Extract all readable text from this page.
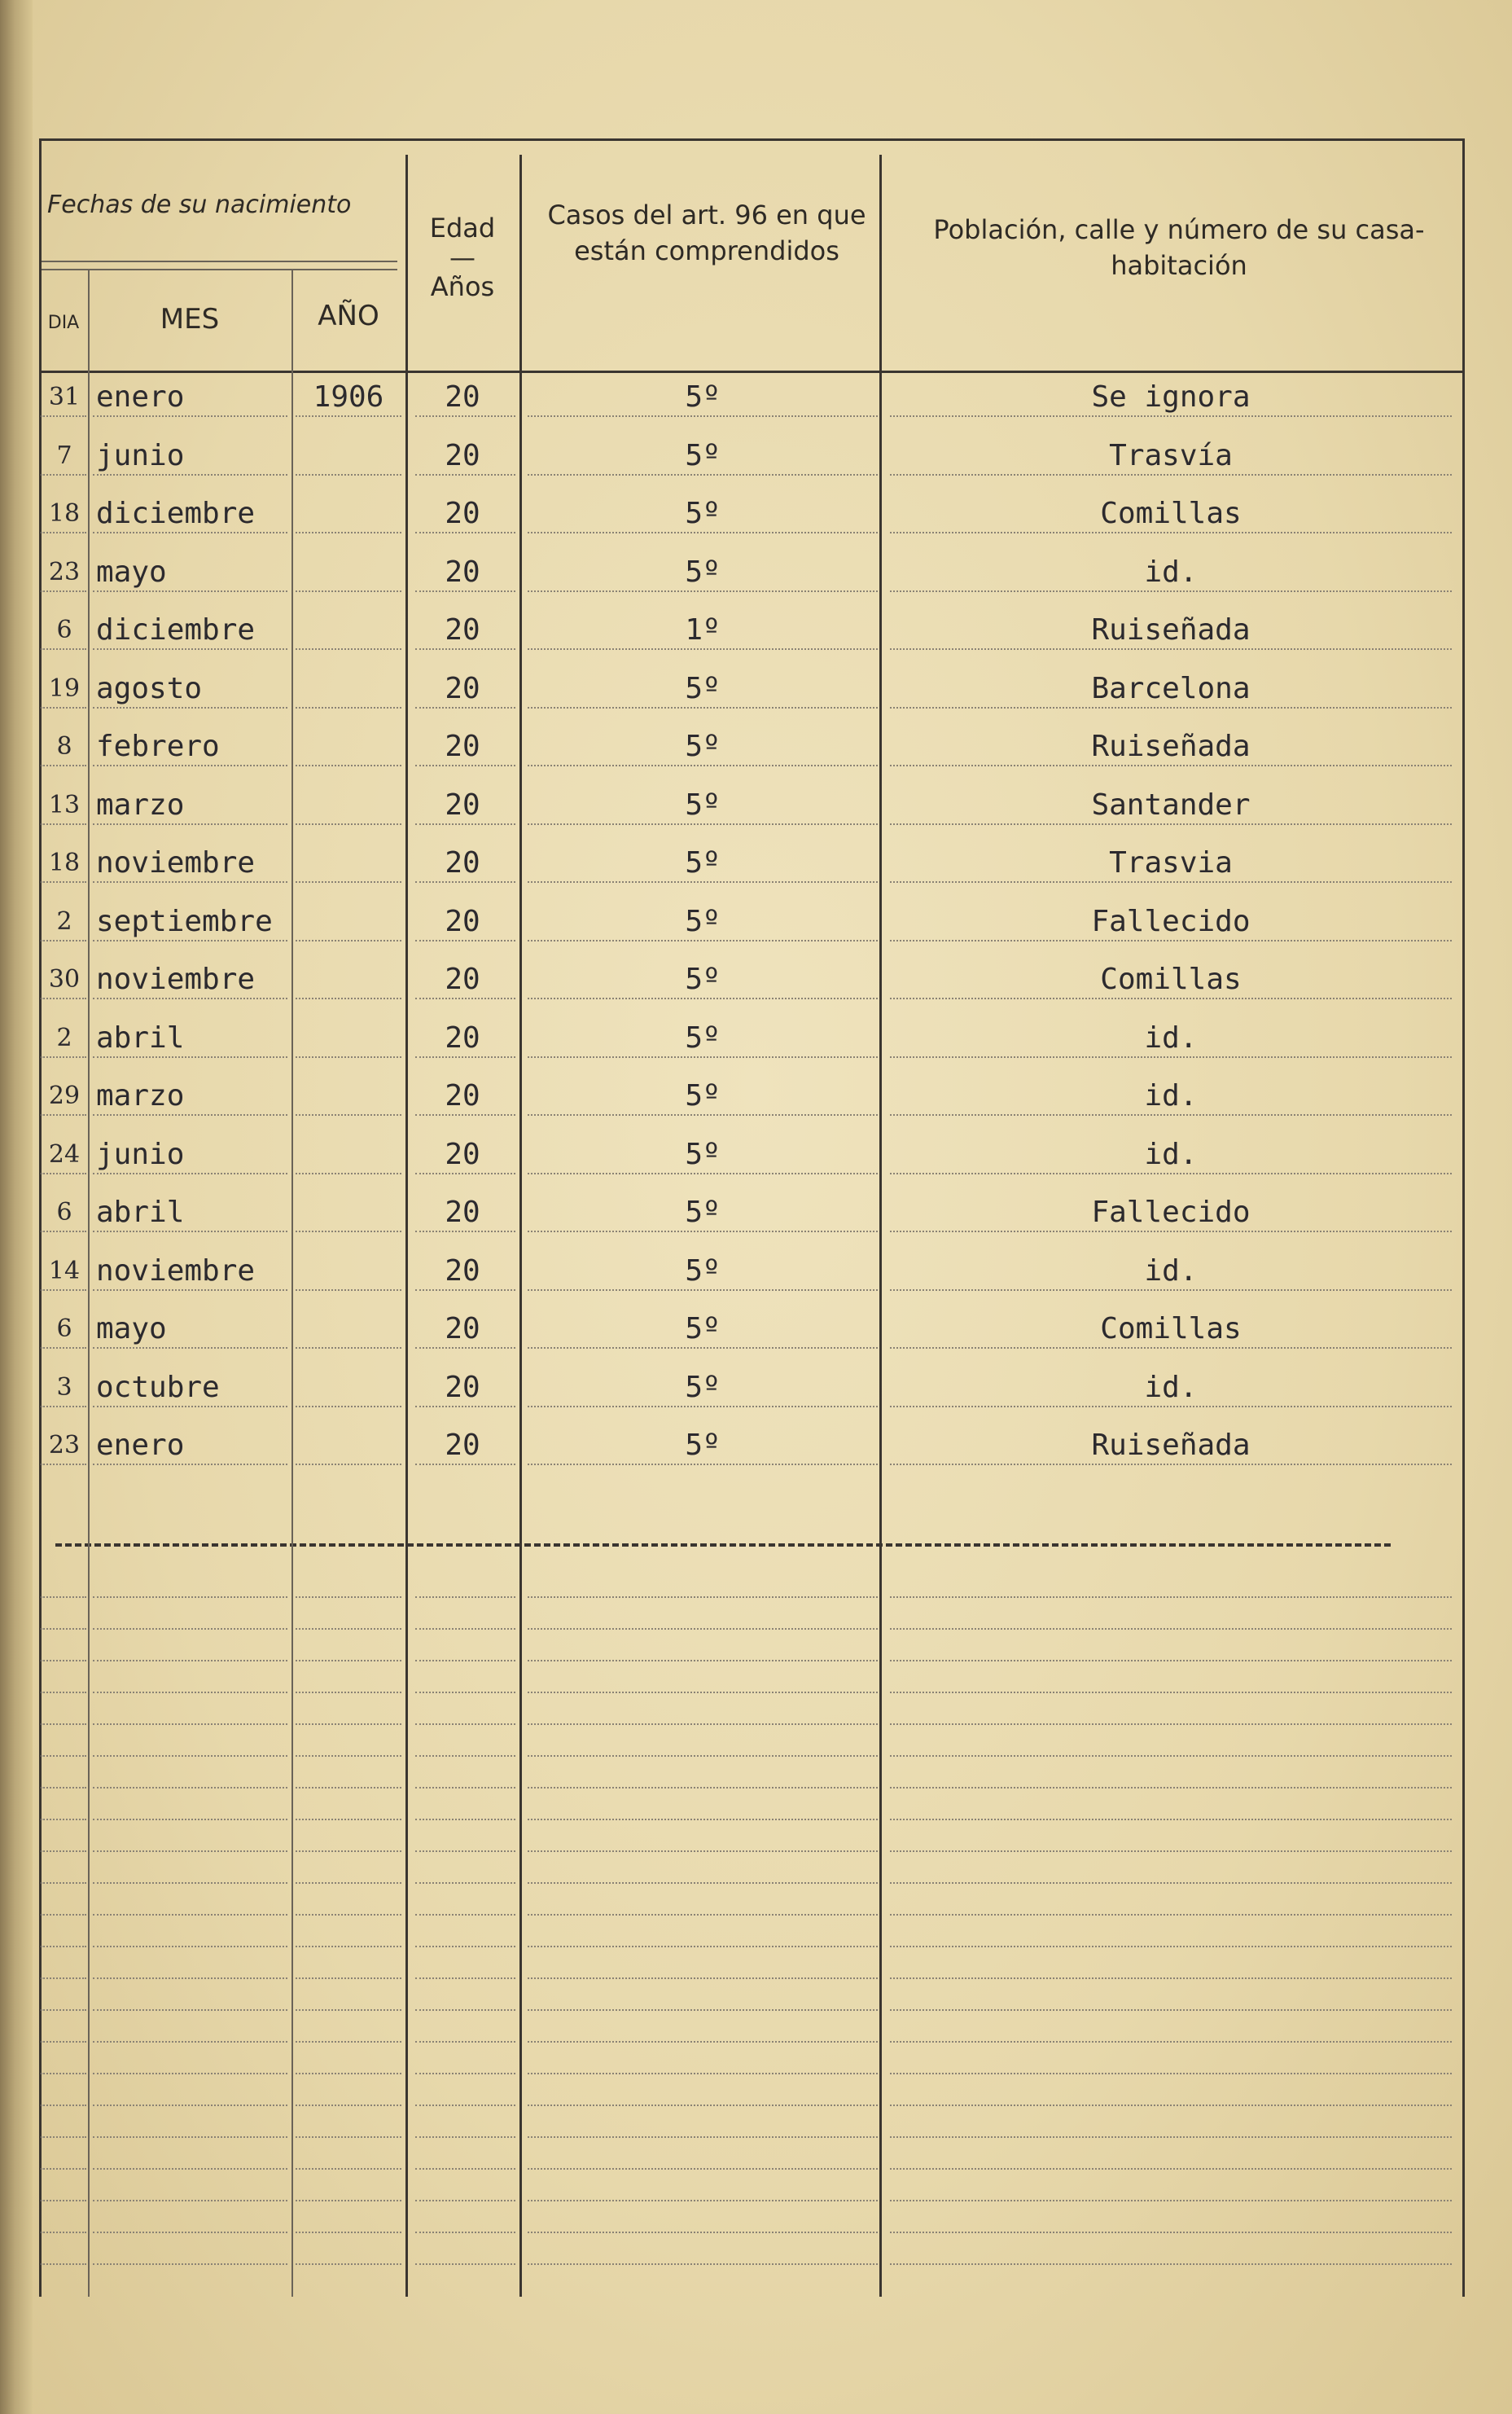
Fechas de su nacimiento
DIA	MES	AÑO
Edad
—
Años
Casos del art. 96 en que están comprendidos
Población, calle y número de su casa-habitación
31 enero	1906	20	5º	Se ignora
7 junio	20	5º	Trasvía
18 diciembre	20	5º	Comillas
23 mayo	20	5º	id.
6 diciembre	20	1º	Ruiseñada
19 agosto	20	5º	Barcelona
8 febrero	20	5º	Ruiseñada
13 marzo	20	5º	Santander
18 noviembre	20	5º	Trasvia
2 septiembre	20	5º	Fallecido
30 noviembre	20	5º	Comillas
2 abril	20	5º	id.
29 marzo	20	5º	id.
24 junio	20	5º	id.
6 abril	20	5º	Fallecido
14 noviembre	20	5º	id.
6 mayo	20	5º	Comillas
3 octubre	20	5º	id.
23 enero	20	5º	Ruiseñada
